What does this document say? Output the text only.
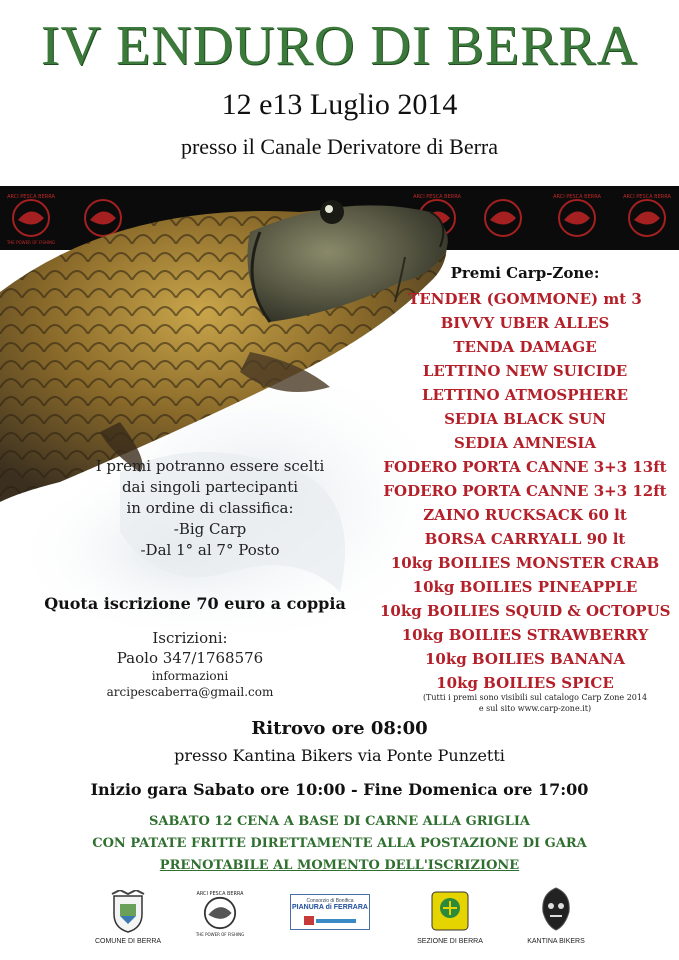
IV ENDURO DI BERRA
12 e13 Luglio 2014
presso il Canale Derivatore di Berra
ARCI PESCA BERRA
THE POWER OF FISHING
ARCI PESCA BERRA	ARCI PESCA BERRA	ARCI PESCA BERRA
Premi Carp-Zone:
TENDER (GOMMONE) mt 3
BIVVY UBER ALLES
TENDA DAMAGE
LETTINO NEW SUICIDE
LETTINO ATMOSPHERE
SEDIA BLACK SUN
SEDIA AMNESIA
FODERO PORTA CANNE 3+3 13ft
FODERO PORTA CANNE 3+3 12ft
ZAINO RUCKSACK 60 lt
BORSA CARRYALL 90 lt
10kg BOILIES MONSTER CRAB
10kg BOILIES PINEAPPLE
10kg BOILIES SQUID & OCTOPUS
10kg BOILIES STRAWBERRY
10kg BOILIES BANANA
10kg BOILIES SPICE
(Tutti i premi sono visibili sul catalogo Carp Zone 2014
e sul sito www.carp-zone.it)
I premi potranno essere scelti
dai singoli partecipanti
in ordine di classifica:
-Big Carp
-Dal 1° al 7° Posto
Quota iscrizione 70 euro a coppia
Iscrizioni:
Paolo 347/1768576
informazioni
arcipescaberra@gmail.com
Ritrovo ore 08:00
presso Kantina Bikers via Ponte Punzetti
Inizio gara Sabato ore 10:00 - Fine Domenica ore 17:00
SABATO 12 CENA A BASE DI CARNE ALLA GRIGLIA
CON PATATE FRITTE DIRETTAMENTE ALLA POSTAZIONE DI GARA
PRENOTABILE AL MOMENTO DELL'ISCRIZIONE
COMUNE DI BERRA
ARCI PESCA BERRA
THE POWER OF FISHING
Consorzio di Bonifica
PIANURA di FERRARA
SEZIONE DI BERRA	KANTINA BIKERS
